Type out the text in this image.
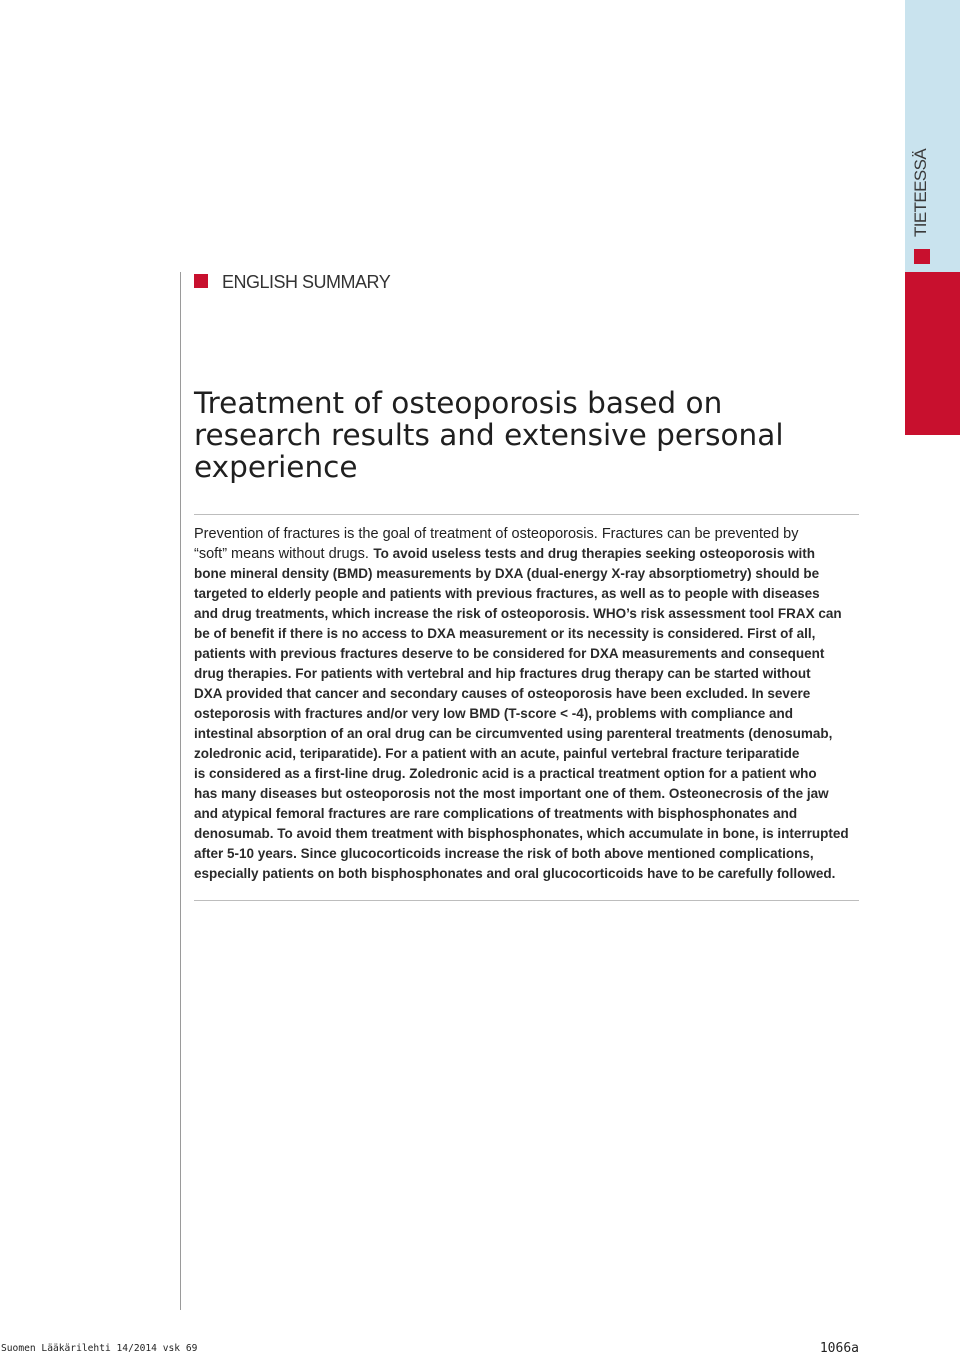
TIETEESSÄ
ENGLISH SUMMARY
Treatment of osteoporosis based on research results and extensive personal experience
Prevention of fractures is the goal of treatment of osteoporosis. Fractures can be prevented by
“soft” means without drugs. To avoid useless tests and drug therapies seeking osteoporosis with
bone mineral density (BMD) measurements by DXA (dual-energy X-ray absorptiometry) should be
targeted to elderly people and patients with previous fractures, as well as to people with diseases
and drug treatments, which increase the risk of osteoporosis. WHO’s risk assessment tool FRAX can
be of benefit if there is no access to DXA measurement or its necessity is considered. First of all,
patients with previous fractures deserve to be considered for DXA measurements and consequent
drug therapies. For patients with vertebral and hip fractures drug therapy can be started without
DXA provided that cancer and secondary causes of osteoporosis have been excluded. In severe
osteporosis with fractures and/or very low BMD (T-score < -4), problems with compliance and
intestinal absorption of an oral drug can be circumvented using parenteral treatments (denosumab,
zoledronic acid, teriparatide). For a patient with an acute, painful vertebral fracture teriparatide
is considered as a first-line drug. Zoledronic acid is a practical treatment option for a patient who
has many diseases but osteoporosis not the most important one of them. Osteonecrosis of the jaw
and atypical femoral fractures are rare complications of treatments with bisphosphonates and
denosumab. To avoid them treatment with bisphosphonates, which accumulate in bone, is interrupted
after 5-10 years. Since glucocorticoids increase the risk of both above mentioned complications,
especially patients on both bisphosphonates and oral glucocorticoids have to be carefully followed.
Suomen Lääkärilehti 14/2014 vsk 69	1066a
